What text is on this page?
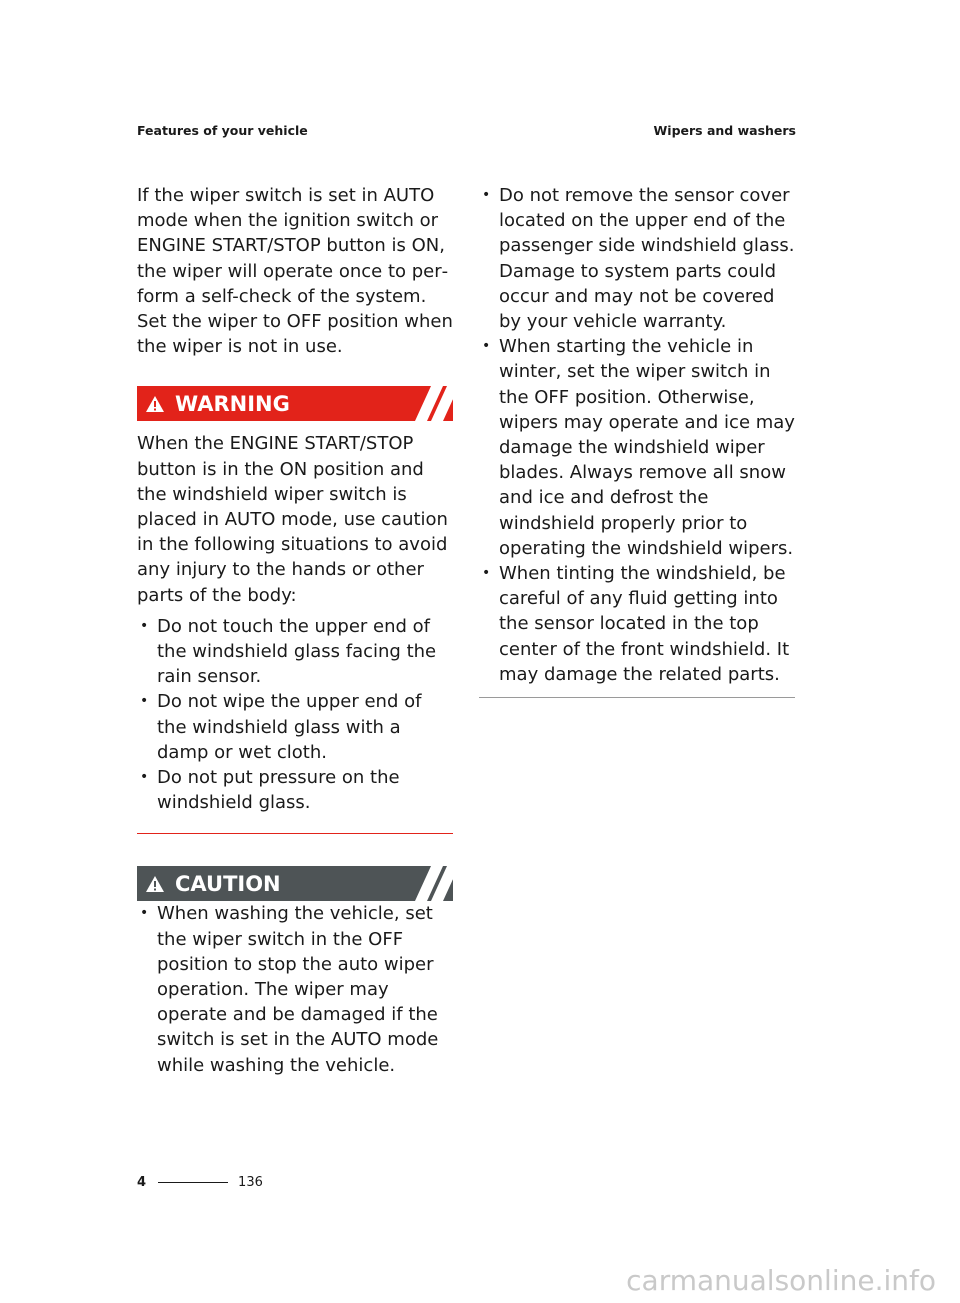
Features of your vehicle	Wipers and washers

If the wiper switch is set in AUTO mode when the ignition switch or ENGINE START/STOP button is ON, the wiper will operate once to perform a self-check of the system. Set the wiper to OFF position when the wiper is not in use.

WARNING

When the ENGINE START/STOP button is in the ON position and the windshield wiper switch is placed in AUTO mode, use caution in the following situations to avoid any injury to the hands or other parts of the body:

• Do not touch the upper end of the windshield glass facing the rain sensor.
• Do not wipe the upper end of the windshield glass with a damp or wet cloth.
• Do not put pressure on the windshield glass.
CAUTION
• When washing the vehicle, set the wiper switch in the OFF position to stop the auto wiper operation. The wiper may operate and be damaged if the switch is set in the AUTO mode while washing the vehicle.
• Do not remove the sensor cover located on the upper end of the passenger side windshield glass. Damage to system parts could occur and may not be covered by your vehicle warranty.
• When starting the vehicle in winter, set the wiper switch in the OFF position. Otherwise, wipers may operate and ice may damage the windshield wiper blades. Always remove all snow and ice and defrost the windshield properly prior to operating the windshield wipers.
• When tinting the windshield, be careful of any fluid getting into the sensor located in the top center of the front windshield. It may damage the related parts.
4	136
carmanualsonline.info
